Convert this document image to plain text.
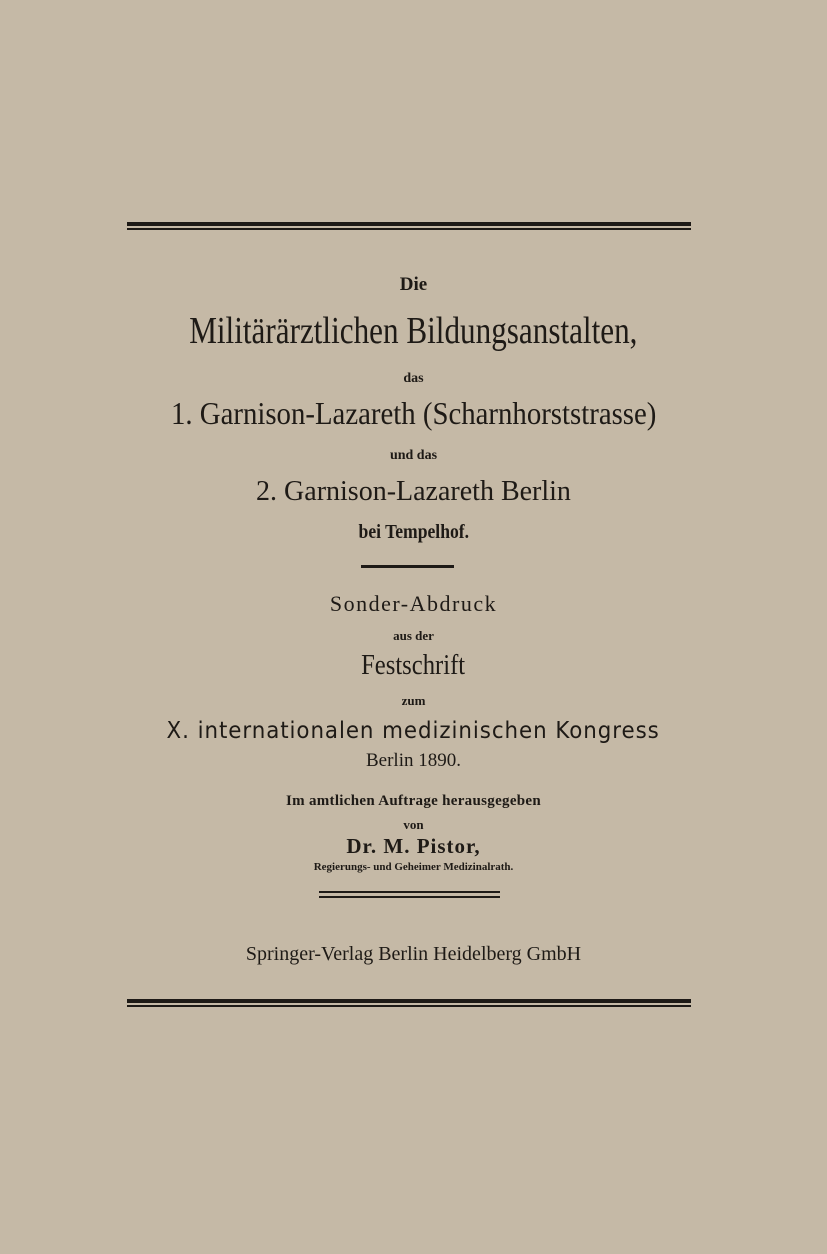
Die
Militärärztlichen Bildungsanstalten,
das
1. Garnison-Lazareth (Scharnhorststrasse)
und das
2. Garnison-Lazareth Berlin
bei Tempelhof.
Sonder-Abdruck
aus der
Festschrift
zum
X. internationalen medizinischen Kongress
Berlin 1890.
Im amtlichen Auftrage herausgegeben
von
Dr. M. Pistor,
Regierungs- und Geheimer Medizinalrath.
Springer-Verlag Berlin Heidelberg GmbH
